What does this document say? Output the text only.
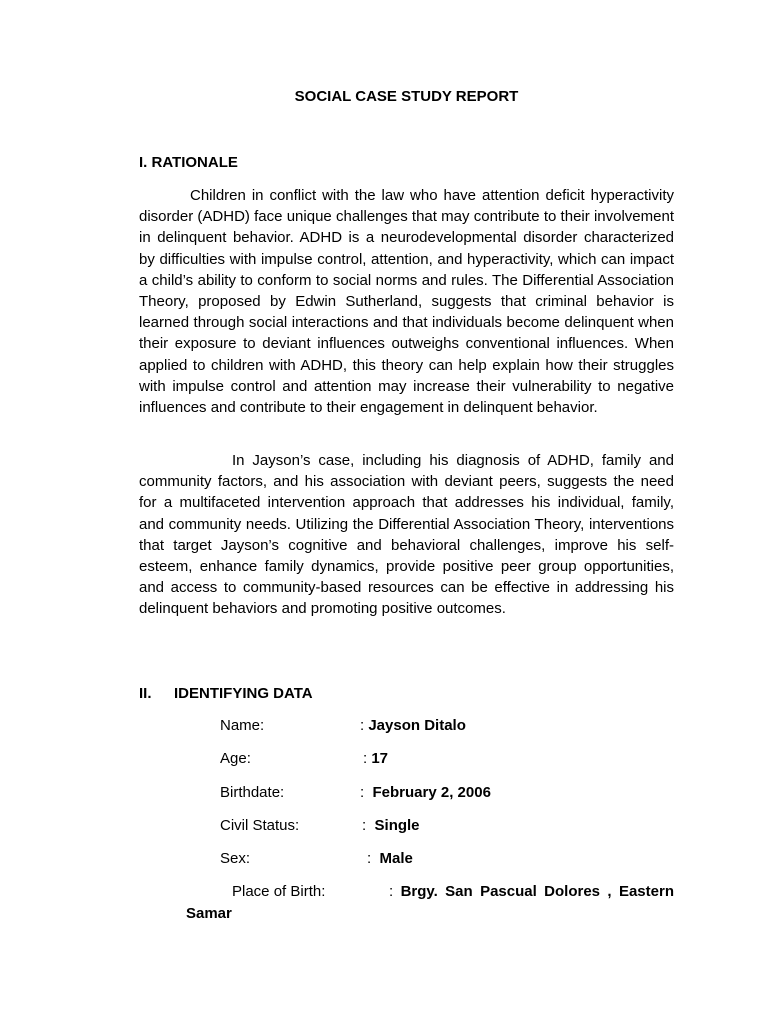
SOCIAL CASE STUDY REPORT
I. RATIONALE

Children in conflict with the law who have attention deficit hyperactivity disorder (ADHD) face unique challenges that may contribute to their involvement in delinquent behavior. ADHD is a neurodevelopmental disorder characterized by difficulties with impulse control, attention, and hyperactivity, which can impact a child’s ability to conform to social norms and rules. The Differential Association Theory, proposed by Edwin Sutherland, suggests that criminal behavior is learned through social interactions and that individuals become delinquent when their exposure to deviant influences outweighs conventional influences. When applied to children with ADHD, this theory can help explain how their struggles with impulse control and attention may increase their vulnerability to negative influences and contribute to their engagement in delinquent behavior.

In Jayson’s case, including his diagnosis of ADHD, family and community factors, and his association with deviant peers, suggests the need for a multifaceted intervention approach that addresses his individual, family, and community needs. Utilizing the Differential Association Theory, interventions that target Jayson’s cognitive and behavioral challenges, improve his self-esteem, enhance family dynamics, provide positive peer group opportunities, and access to community-based resources can be effective in addressing his delinquent behaviors and promoting positive outcomes.

II. IDENTIFYING DATA
Name:	: Jayson Ditalo
Age:	: 17
Birthdate:	: February 2, 2006
Civil Status:	: Single
Sex:	: Male
Place of Birth:	: Brgy. San Pascual Dolores , Eastern
Samar
